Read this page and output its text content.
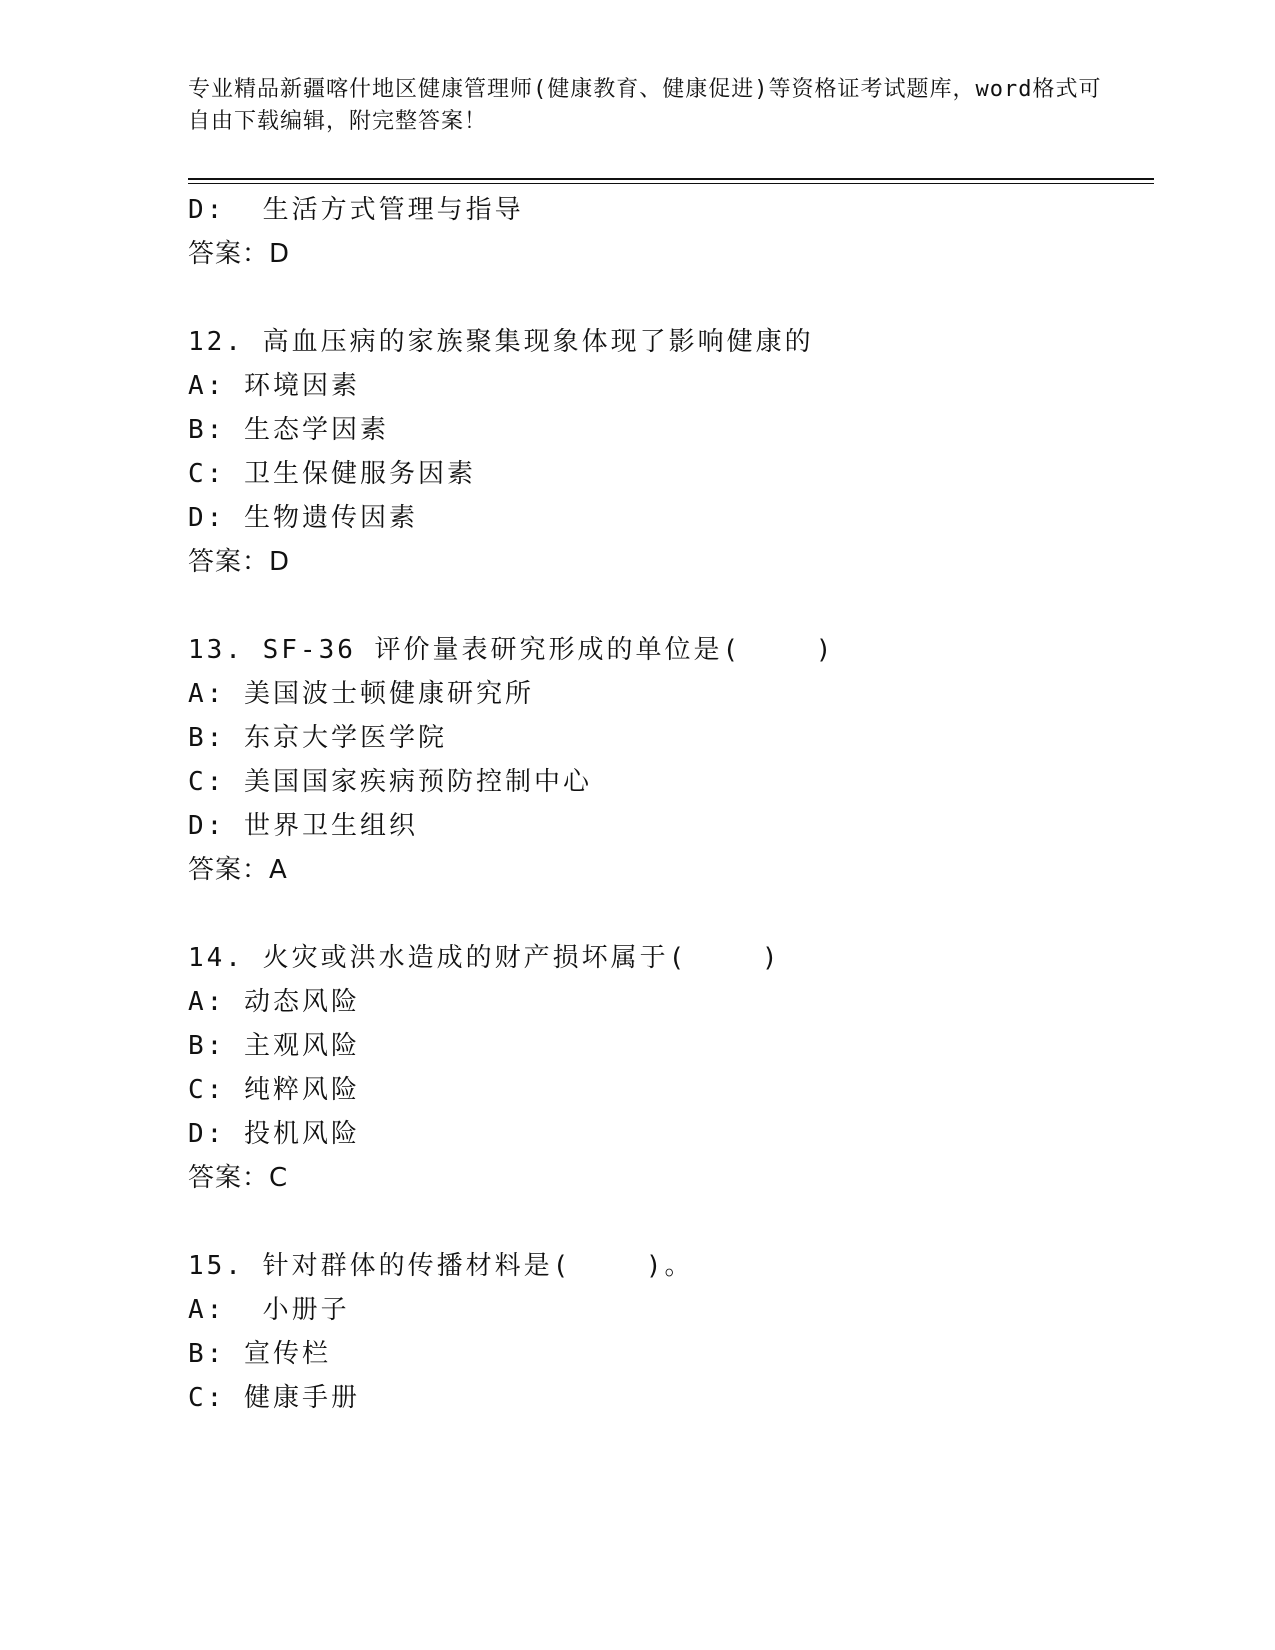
专业精品新疆喀什地区健康管理师(健康教育、健康促进)等资格证考试题库，word格式可自由下载编辑，附完整答案！
D:  生活方式管理与指导
答案：D
12. 高血压病的家族聚集现象体现了影响健康的
A: 环境因素
B: 生态学因素
C: 卫生保健服务因素
D: 生物遗传因素
答案：D
13. SF-36 评价量表研究形成的单位是(    )
A: 美国波士顿健康研究所
B: 东京大学医学院
C: 美国国家疾病预防控制中心
D: 世界卫生组织
答案：A
14. 火灾或洪水造成的财产损坏属于(    )
A: 动态风险
B: 主观风险
C: 纯粹风险
D: 投机风险
答案：C
15. 针对群体的传播材料是(    )。
A:  小册子
B: 宣传栏
C: 健康手册
